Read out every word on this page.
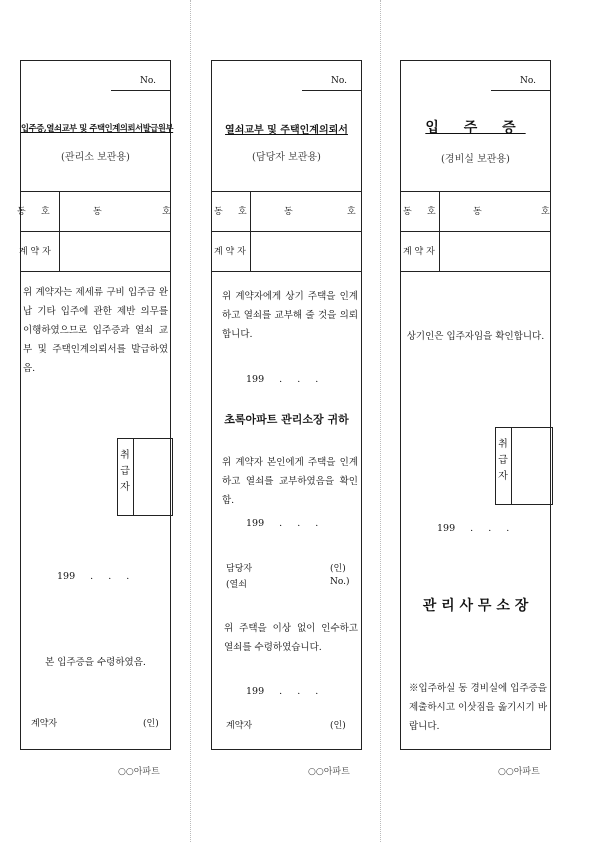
No.
입주증,열쇠교부 및 주택인계의뢰서발급원부
(관리소 보관용)
동 호	동	호
계 약 자
위 계약자는 제세류 구비 입주금 완납 기타 입주에 관한 제반 의무를 이행하였으므로 입주증과 열쇠 교부 및 주택인계의뢰서를 발급하였음.
취 급 자
199 . . .
본 입주증을 수령하였음.
계약자	(인)
○○아파트
No.
열쇠교부 및 주택인계의뢰서
(담당자 보관용)
동 호	동	호
계 약 자
위 계약자에게 상기 주택을 인계하고 열쇠를 교부해 줄 것을 의뢰합니다.
199 . . .
초록아파트 관리소장 귀하
위 계약자 본인에게 주택을 인계하고 열쇠를 교부하였음을 확인함.
199 . . .
담당자	(인)
(열쇠	No.)
위 주택을 이상 없이 인수하고 열쇠를 수령하였습니다.
199 . . .
계약자	(인)
○○아파트
No.
입 주 증
(경비실 보관용)
동 호	동	호
계 약 자
상기인은 입주자임을 확인합니다.
취 급 자
199 . . .
관 리 사 무 소 장
※입주하실 동 경비실에 입주증을 제출하시고 이삿짐을 옮기시기 바랍니다.
○○아파트
